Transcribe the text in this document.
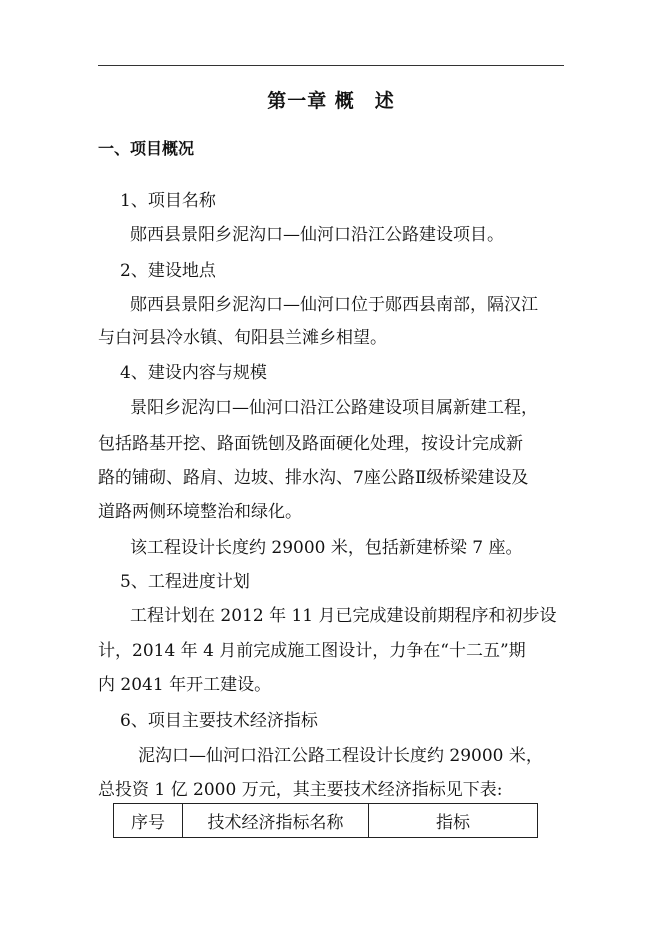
第一章 概　述
一、项目概况
1、项目名称
郧西县景阳乡泥沟口—仙河口沿江公路建设项目。
2、建设地点
郧西县景阳乡泥沟口—仙河口位于郧西县南部，隔汉江
与白河县冷水镇、旬阳县兰滩乡相望。
4、建设内容与规模
景阳乡泥沟口—仙河口沿江公路建设项目属新建工程，
包括路基开挖、路面铣刨及路面硬化处理，按设计完成新
路的铺砌、路肩、边坡、排水沟、7座公路Ⅱ级桥梁建设及
道路两侧环境整治和绿化。
该工程设计长度约 29000 米，包括新建桥梁 7 座。
5、工程进度计划
工程计划在 2012 年 11 月已完成建设前期程序和初步设
计，2014 年 4 月前完成施工图设计，力争在“十二五”期
内 2041 年开工建设。
6、项目主要技术经济指标
泥沟口—仙河口沿江公路工程设计长度约 29000 米，
总投资 1 亿 2000 万元，其主要技术经济指标见下表:
序号	技术经济指标名称	指标
